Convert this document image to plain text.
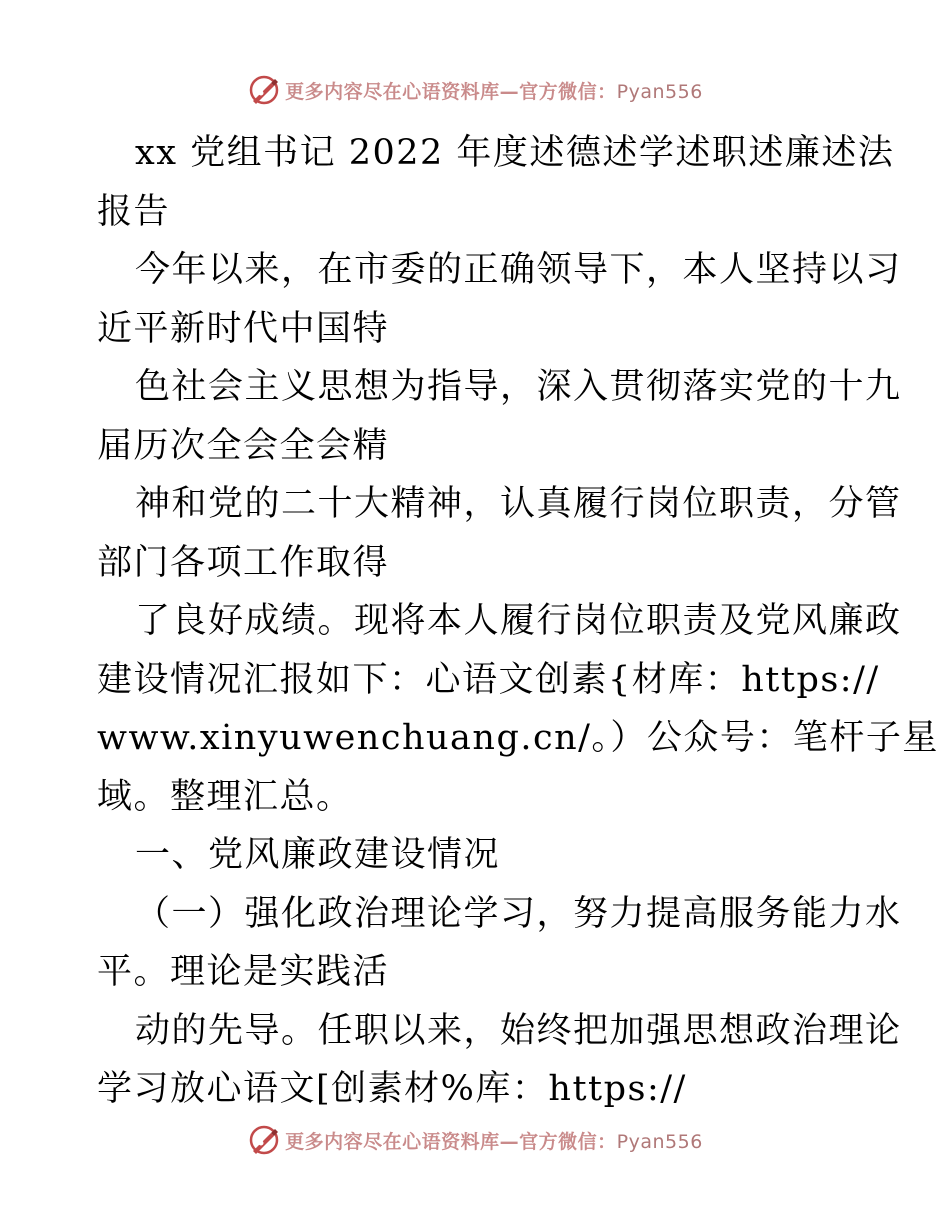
更多内容尽在心语资料库—官方微信：Pyan556
xx 党组书记 2022 年度述德述学述职述廉述法
报告
今年以来，在市委的正确领导下，本人坚持以习
近平新时代中国特
色社会主义思想为指导，深入贯彻落实党的十九
届历次全会全会精
神和党的二十大精神，认真履行岗位职责，分管
部门各项工作取得
了良好成绩。现将本人履行岗位职责及党风廉政
建设情况汇报如下：心语文创素{材库：https://
www.xinyuwenchuang.cn/。）公众号：笔杆子星
域。整理汇总。
一、党风廉政建设情况
（一）强化政治理论学习，努力提高服务能力水
平。理论是实践活
动的先导。任职以来，始终把加强思想政治理论
学习放心语文[创素材%库：https://
更多内容尽在心语资料库—官方微信：Pyan556
